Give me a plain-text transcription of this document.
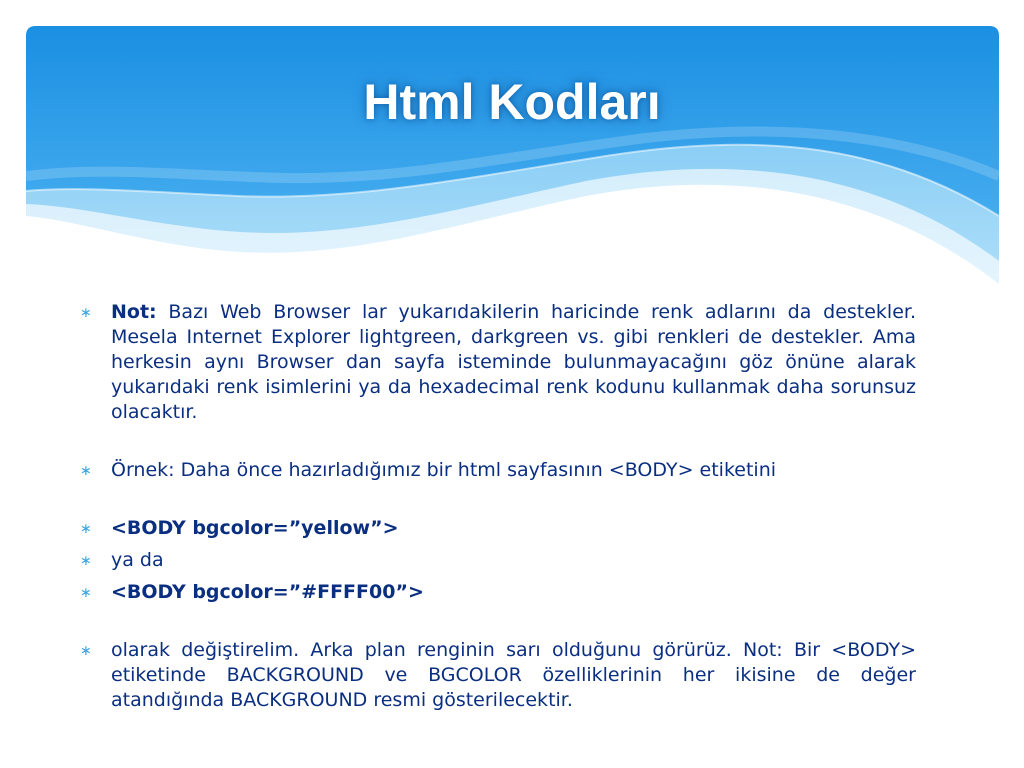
Html Kodları
∗ Not: Bazı Web Browser lar yukarıdakilerin haricinde renk adlarını da destekler. Mesela Internet Explorer lightgreen, darkgreen vs. gibi renkleri de destekler. Ama herkesin aynı Browser dan sayfa isteminde bulunmayacağını göz önüne alarak yukarıdaki renk isimlerini ya da hexadecimal renk kodunu kullanmak daha sorunsuz olacaktır.
∗ Örnek: Daha önce hazırladığımız bir html sayfasının <BODY> etiketini
∗ <BODY bgcolor=”yellow”>
∗ ya da
∗ <BODY bgcolor=”#FFFF00”>
∗ olarak değiştirelim. Arka plan renginin sarı olduğunu görürüz. Not: Bir <BODY> etiketinde BACKGROUND ve BGCOLOR özelliklerinin her ikisine de değer atandığında BACKGROUND resmi gösterilecektir.
